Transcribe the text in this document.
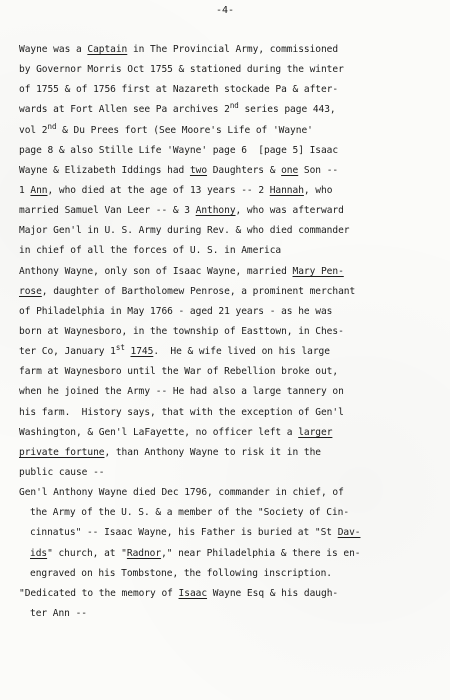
-4-
Wayne was a Captain in The Provincial Army, commissioned
by Governor Morris Oct 1755 & stationed during the winter
of 1755 & of 1756 first at Nazareth stockade Pa & after-
wards at Fort Allen see Pa archives 2nd series page 443,
vol 2nd & Du Prees fort (See Moore's Life of 'Wayne'
page 8 & also Stille Life 'Wayne' page 6  [page 5] Isaac
Wayne & Elizabeth Iddings had two Daughters & one Son --
1 Ann, who died at the age of 13 years -- 2 Hannah, who
married Samuel Van Leer -- & 3 Anthony, who was afterward
Major Gen'l in U. S. Army during Rev. & who died commander
in chief of all the forces of U. S. in America
Anthony Wayne, only son of Isaac Wayne, married Mary Pen-
rose, daughter of Bartholomew Penrose, a prominent merchant
of Philadelphia in May 1766 - aged 21 years - as he was
born at Waynesboro, in the township of Easttown, in Ches-
ter Co, January 1st 1745.  He & wife lived on his large
farm at Waynesboro until the War of Rebellion broke out,
when he joined the Army -- He had also a large tannery on
his farm.  History says, that with the exception of Gen'l
Washington, & Gen'l LaFayette, no officer left a larger
private fortune, than Anthony Wayne to risk it in the
public cause --
Gen'l Anthony Wayne died Dec 1796, commander in chief, of
the Army of the U. S. & a member of the "Society of Cin-
cinnatus" -- Isaac Wayne, his Father is buried at "St Dav-
ids" church, at "Radnor," near Philadelphia & there is en-
engraved on his Tombstone, the following inscription.
"Dedicated to the memory of Isaac Wayne Esq & his daugh-
ter Ann --
